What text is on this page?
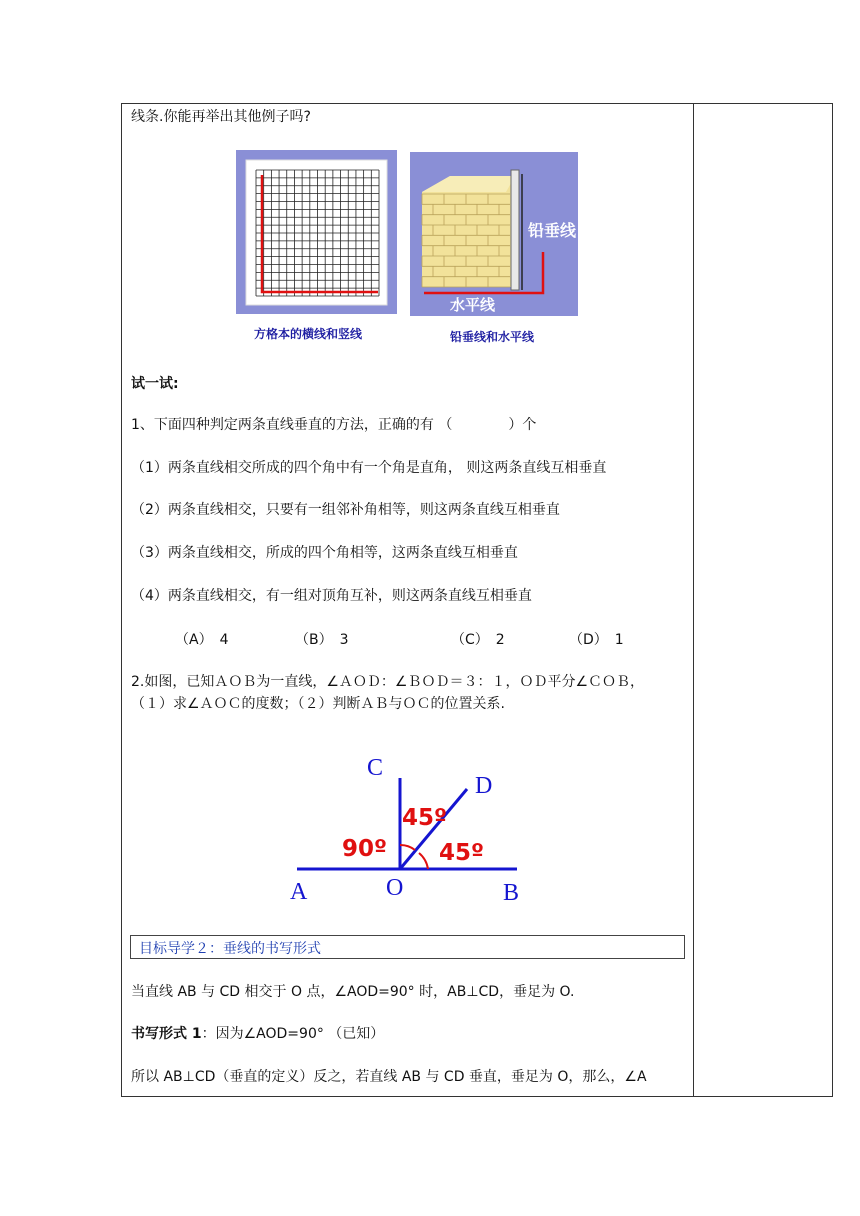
线条.你能再举出其他例子吗?
方格本的横线和竖线
铅垂线
水平线
铅垂线和水平线
试一试:
1、下面四种判定两条直线垂直的方法，正确的有 （　　　　）个
（1）两条直线相交所成的四个角中有一个角是直角， 则这两条直线互相垂直
（2）两条直线相交，只要有一组邻补角相等，则这两条直线互相垂直
（3）两条直线相交，所成的四个角相等，这两条直线互相垂直
（4）两条直线相交，有一组对顶角互补，则这两条直线互相垂直
（A）　4	（B）　3	（C）　2	（D）　1
2.如图，已知ＡＯＢ为一直线，∠ＡＯＤ：∠ＢＯＤ＝３：１，ＯＤ平分∠ＣＯＢ，
（１）求∠ＡＯＣ的度数；（２）判断ＡＢ与ＯＣ的位置关系.
C
D
A	O	B
90º
45º
45º
目标导学２：垂线的书写形式
当直线 AB 与 CD 相交于 O 点，∠AOD=90° 时，AB⊥CD，垂足为 O.
书写形式 1：因为∠AOD=90° （已知）
所以 AB⊥CD（垂直的定义）反之，若直线 AB 与 CD 垂直，垂足为 O，那么，∠A
